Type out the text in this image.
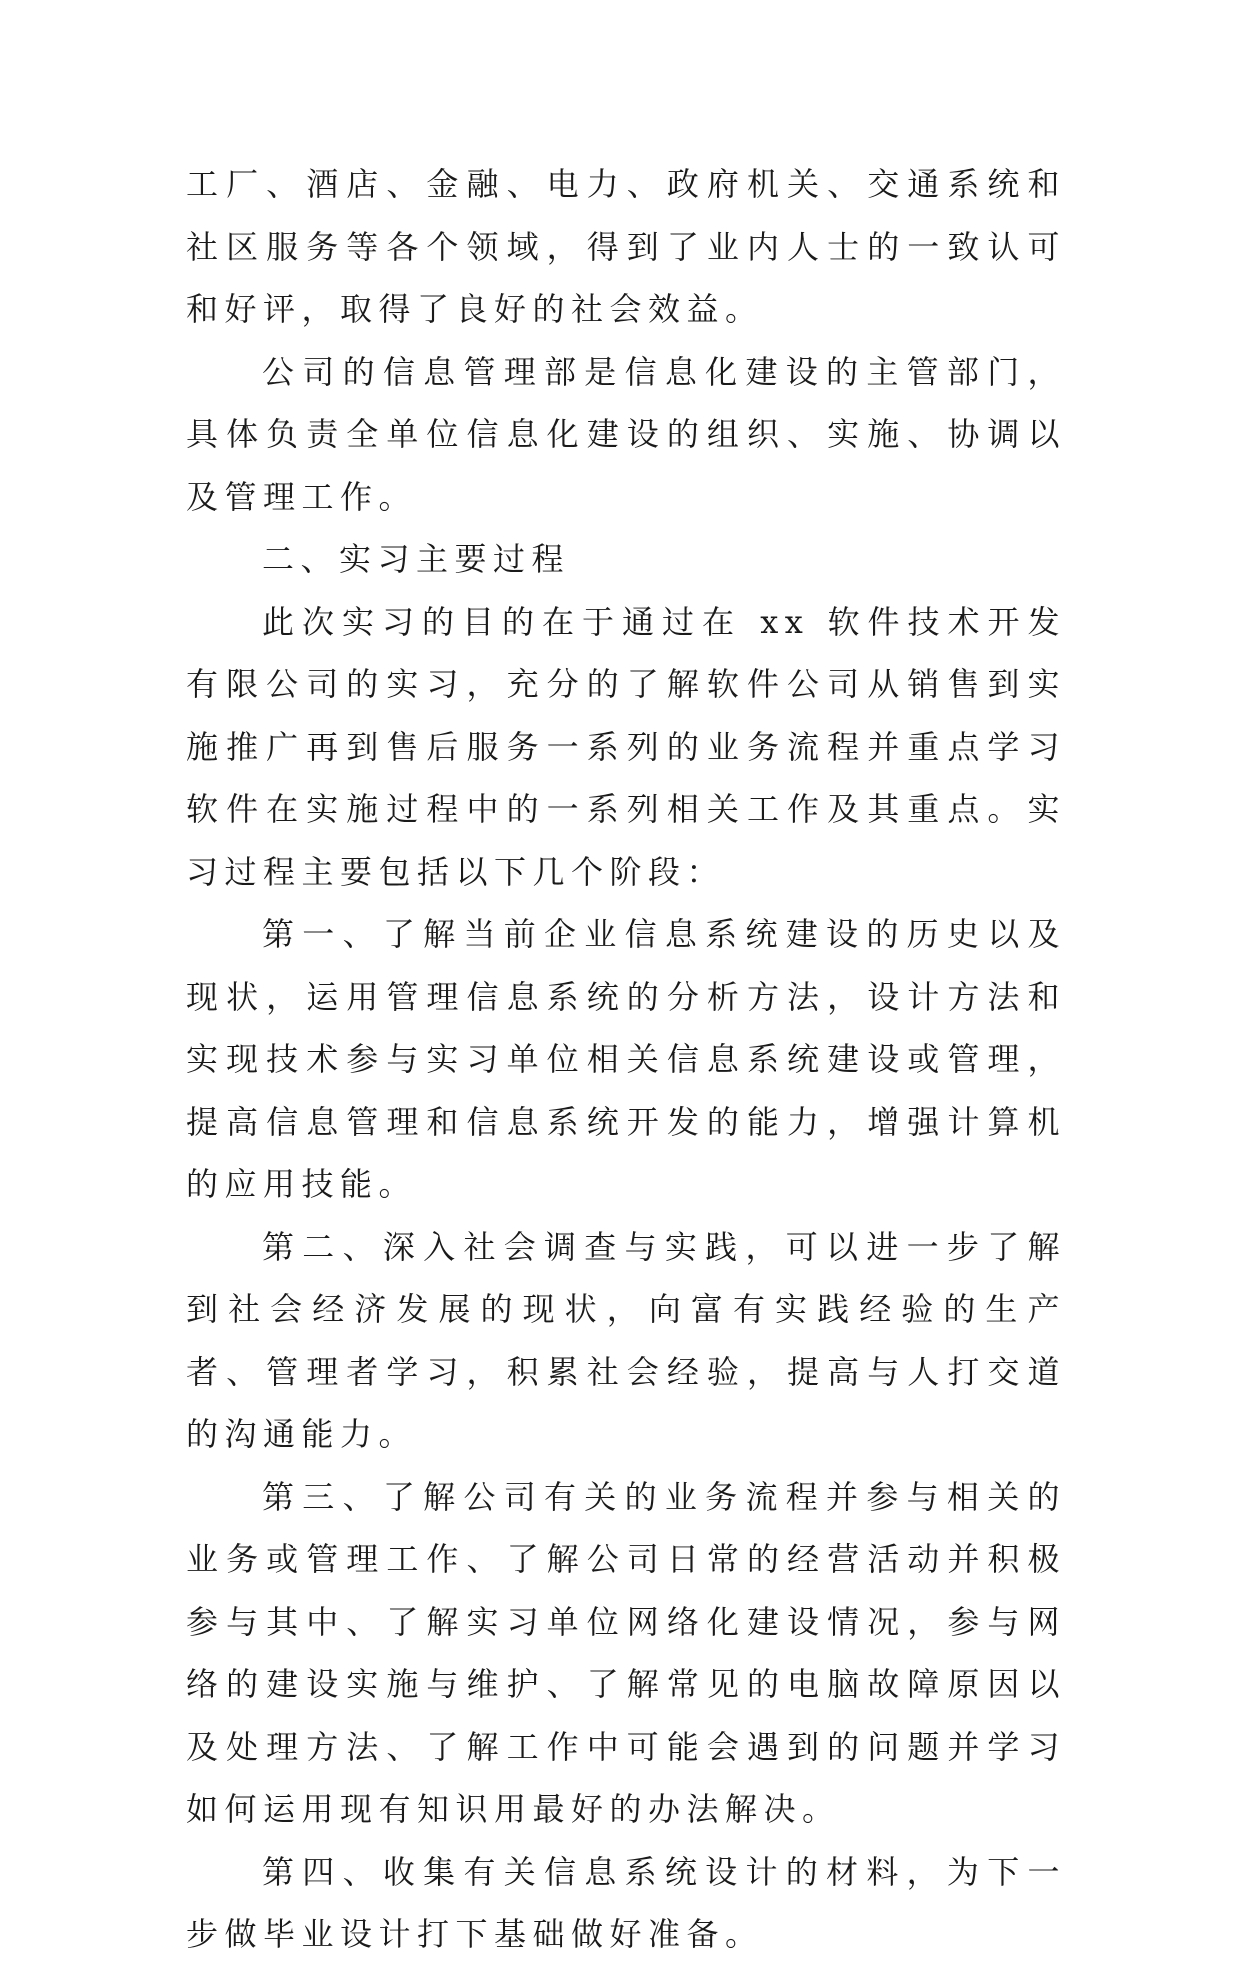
工厂、酒店、金融、电力、政府机关、交通系统和社区服务等各个领域，得到了业内人士的一致认可和好评，取得了良好的社会效益。

公司的信息管理部是信息化建设的主管部门，具体负责全单位信息化建设的组织、实施、协调以及管理工作。

二、实习主要过程

此次实习的目的在于通过在 xx 软件技术开发有限公司的实习，充分的了解软件公司从销售到实施推广再到售后服务一系列的业务流程并重点学习软件在实施过程中的一系列相关工作及其重点。实习过程主要包括以下几个阶段：

第一、了解当前企业信息系统建设的历史以及现状，运用管理信息系统的分析方法，设计方法和实现技术参与实习单位相关信息系统建设或管理，提高信息管理和信息系统开发的能力，增强计算机的应用技能。

第二、深入社会调查与实践，可以进一步了解到社会经济发展的现状，向富有实践经验的生产者、管理者学习，积累社会经验，提高与人打交道的沟通能力。

第三、了解公司有关的业务流程并参与相关的业务或管理工作、了解公司日常的经营活动并积极参与其中、了解实习单位网络化建设情况，参与网络的建设实施与维护、了解常见的电脑故障原因以及处理方法、了解工作中可能会遇到的问题并学习如何运用现有知识用最好的办法解决。

第四、收集有关信息系统设计的材料，为下一步做毕业设计打下基础做好准备。
